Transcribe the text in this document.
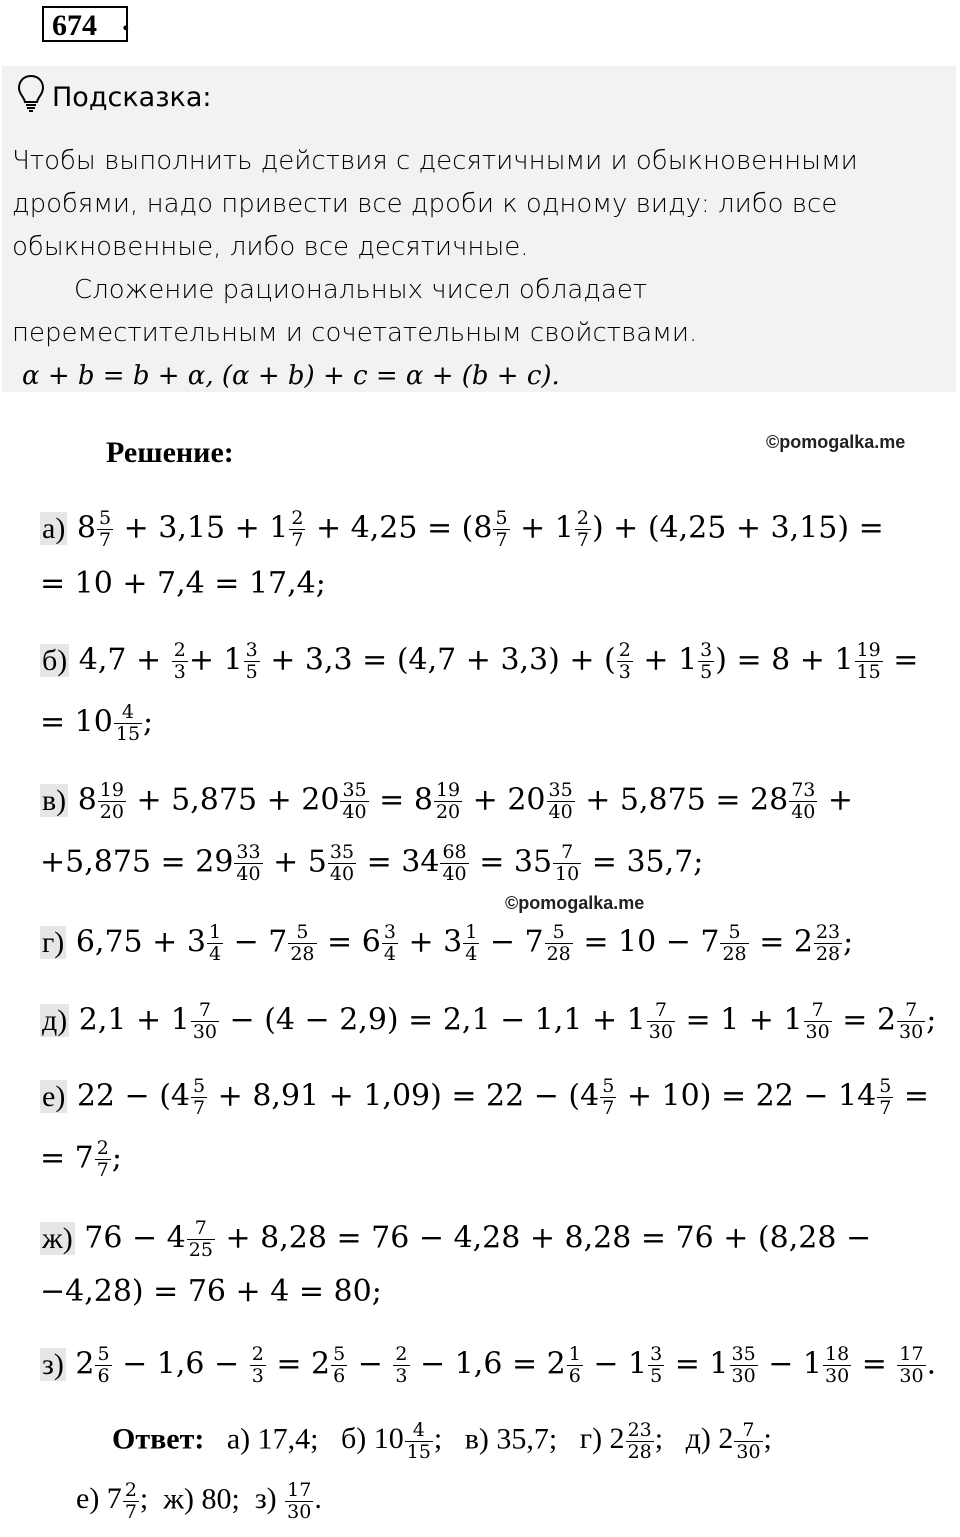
674 .
Подсказка:
Чтобы выполнить действия с десятичными и обыкновенными
дробями, надо привести все дроби к одному виду: либо все
обыкновенные, либо все десятичные.
Сложение рациональных чисел обладает
переместительным и сочетательным свойствами.
α + b = b + α, (α + b) + c = α + (b + c).
Решение:	©pomogalka.me
а) $8 \frac{5}{7} + 3,15 + 1 \frac{2}{7} + 4,25 = (8 \frac{5}{7} + 1 \frac{2}{7}$ ) + (4,25 + 3,15) =
= 10 + 7,4 = 17,4;
б) $4,7 + \frac{2}{3} + 1 \frac{3}{5} + 3,3 = (4,7 + 3,3)$ + ( $\frac{2}{3} + 1 \frac{3}{5}$ ) = $8 + 1 \frac{19}{15}$ =
= $10 \frac{4}{15}$ ;
в) $8 \frac{19}{20} + 5,875 + 20 \frac{35}{40} = 8 \frac{19}{20} + 20 \frac{35}{40} + 5,875 = 28 \frac{73}{40}$ +
$+5,875 = 29 \frac{33}{40} + 5 \frac{35}{40} = 34 \frac{68}{40} = 35 \frac{7}{10} = 35,7$;
©pomogalka.me
г) $6,75 + 3 \frac{1}{4} - 7 \frac{5}{28} = 6 \frac{3}{4} + 3 \frac{1}{4} - 7 \frac{5}{28} = 10 - 7 \frac{5}{28} = 2 \frac{23}{28}$ ;
д) $2,1 + 1 \frac{7}{30} - (4 - 2,9) = 2,1 - 1,1 + 1 \frac{7}{30} = 1 + 1 \frac{7}{30} = 2 \frac{7}{30}$ ;
е) $22 - (4 \frac{5}{7} + 8,91 + 1,09) = 22 - (4 \frac{5}{7} + 10) = 22 - 14 \frac{5}{7}$ =
= $7 \frac{2}{7}$ ;
ж) $76 - 4 \frac{7}{25} + 8,28 = 76 - 4,28 + 8,28 = 76 + (8,28$ −
−4,28) = 76 + 4 = 80;
з) $2 \frac{5}{6} - 1,6 - \frac{2}{3} = 2 \frac{5}{6} - \frac{2}{3} - 1,6 = 2 \frac{1}{6} - 1 \frac{3}{5} = 1 \frac{35}{30} - 1 \frac{18}{30} = \frac{17}{30}$ .
Ответ: а) 17,4; б) $10 \frac{4}{15}$ ; в) 35,7; г) $2 \frac{23}{28}$ ; д) $2 \frac{7}{30}$ ;
е) $7 \frac{2}{7}$ ; ж) 80; $з) \frac{17}{30}$ .
